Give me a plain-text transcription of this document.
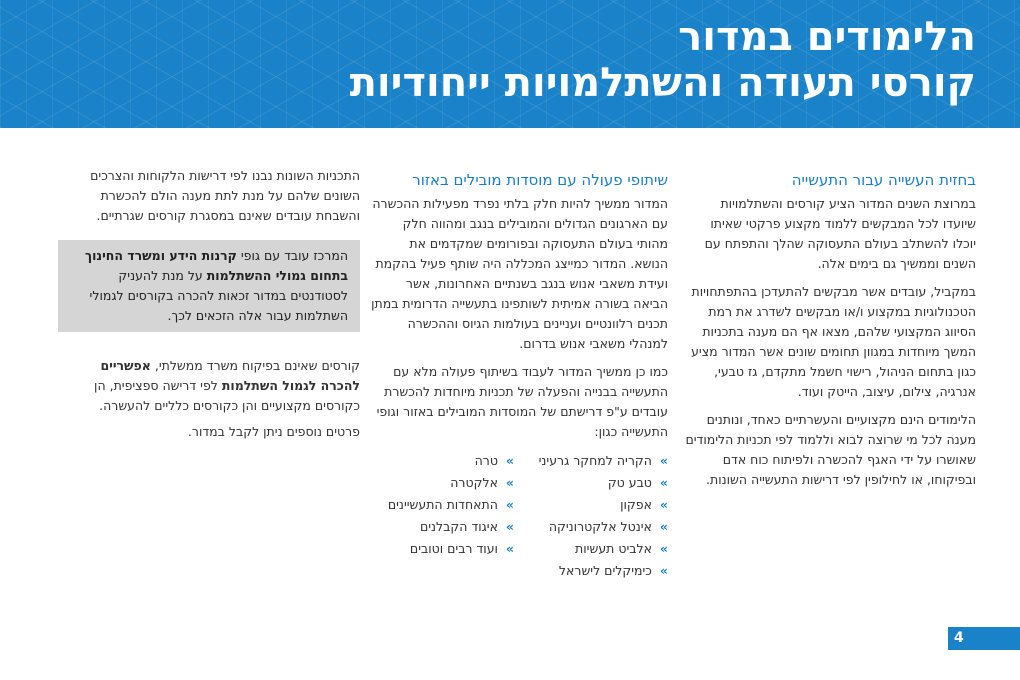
הלימודים במדור
קורסי תעודה והשתלמויות ייחודיות
בחזית העשייה עבור התעשייה

במרוצת השנים המדור הציע קורסים והשתלמויות שיועדו לכל המבקשים ללמוד מקצוע פרקטי שאיתו יוכלו להשתלב בעולם התעסוקה שהלך והתפתח עם השנים וממשיך גם בימים אלה.

במקביל, עובדים אשר מבקשים להתעדכן בהתפתחויות הטכנולוגיות במקצוע ו/או מבקשים לשדרג את רמת הסיווג המקצועי שלהם, מצאו אף הם מענה בתכניות המשך מיוחדות במגוון תחומים שונים אשר המדור מציע כגון בתחום הניהול, רישוי חשמל מתקדם, גז טבעי, אנרגיה, צילום, עיצוב, הייטק ועוד.

הלימודים הינם מקצועיים והעשרתיים כאחד, ונותנים מענה לכל מי שרוצה לבוא וללמוד לפי תכניות הלימודים שאושרו על ידי האגף להכשרה ולפיתוח כוח אדם ובפיקוחו, או לחילופין לפי דרישות התעשייה השונות.

שיתופי פעולה עם מוסדות מובילים באזור

המדור ממשיך להיות חלק בלתי נפרד מפעילות ההכשרה עם הארגונים הגדולים והמובילים בנגב ומהווה חלק מהותי בעולם התעסוקה ובפורומים שמקדמים את הנושא. המדור כמייצג המכללה היה שותף פעיל בהקמת ועידת משאבי אנוש בנגב בשנתיים האחרונות, אשר הביאה בשורה אמיתית לשותפינו בתעשייה הדרומית במתן תכנים רלוונטיים ועניינים בעולמות הגיוס וההכשרה למנהלי משאבי אנוש בדרום.

כמו כן ממשיך המדור לעבוד בשיתוף פעולה מלא עם התעשייה בבנייה והפעלה של תכניות מיוחדות להכשרת עובדים ע"פ דרישתם של המוסדות המובילים באזור וגופי התעשייה כגון:

»הקריה למחקר גרעיני
»טרה
»טבע טק
»אלקטרה
»אפקון
»התאחדות התעשיינים
»אינטל אלקטרוניקה
»איגוד הקבלנים
»אלביט תעשיות
»ועוד רבים וטובים
»כימיקלים לישראל

התכניות השונות נבנו לפי דרישות הלקוחות והצרכים השונים שלהם על מנת לתת מענה הולם להכשרת והשבחת עובדים שאינם במסגרת קורסים שגרתיים.

המרכז עובד עם גופי קרנות הידע ומשרד החינוך בתחום גמולי ההשתלמות על מנת להעניק לסטודנטים במדור זכאות להכרה בקורסים לגמולי השתלמות עבור אלה הזכאים לכך.

קורסים שאינם בפיקוח משרד ממשלתי, אפשריים להכרה לגמול השתלמות לפי דרישה ספציפית, הן כקורסים מקצועיים והן כקורסים כלליים להעשרה.

פרטים נוספים ניתן לקבל במדור.

4
